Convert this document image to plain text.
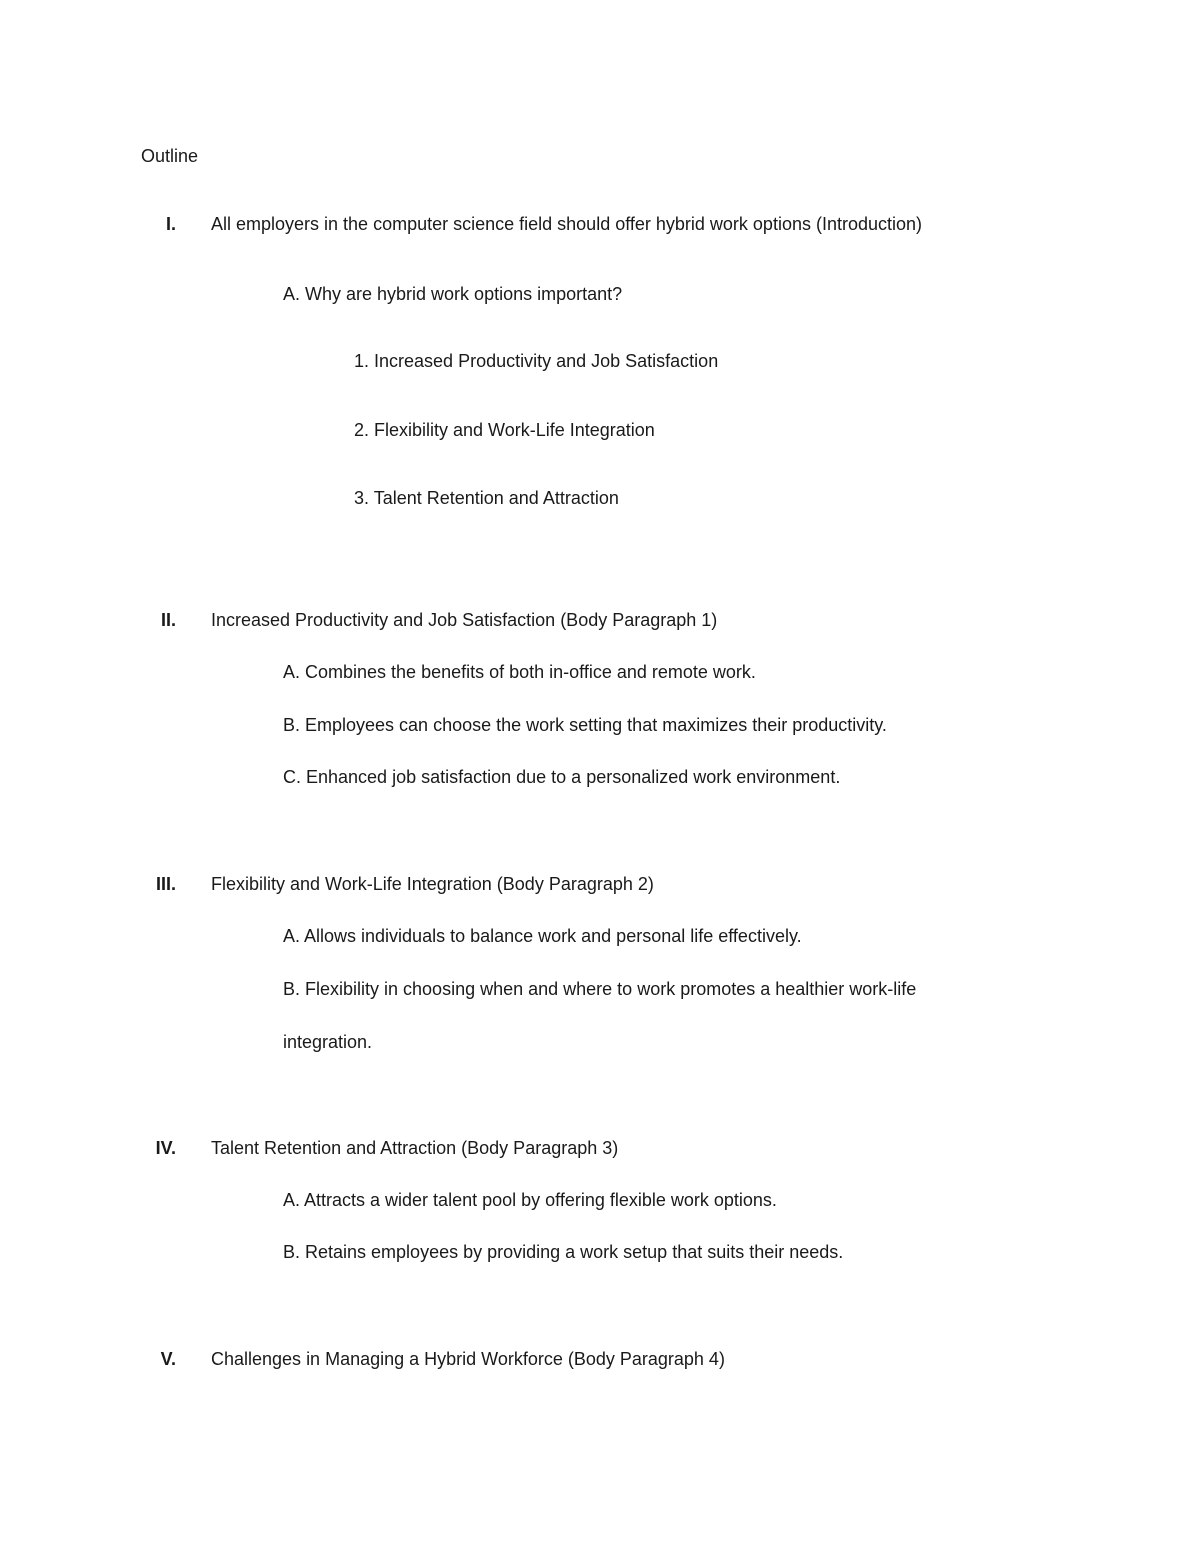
Outline
I. All employers in the computer science field should offer hybrid work options (Introduction)
A. Why are hybrid work options important?
1. Increased Productivity and Job Satisfaction
2. Flexibility and Work-Life Integration
3. Talent Retention and Attraction
II. Increased Productivity and Job Satisfaction (Body Paragraph 1)
A. Combines the benefits of both in-office and remote work.
B. Employees can choose the work setting that maximizes their productivity.
C. Enhanced job satisfaction due to a personalized work environment.
III. Flexibility and Work-Life Integration (Body Paragraph 2)
A. Allows individuals to balance work and personal life effectively.
B. Flexibility in choosing when and where to work promotes a healthier work-life
integration.
IV. Talent Retention and Attraction (Body Paragraph 3)
A. Attracts a wider talent pool by offering flexible work options.
B. Retains employees by providing a work setup that suits their needs.
V. Challenges in Managing a Hybrid Workforce (Body Paragraph 4)
